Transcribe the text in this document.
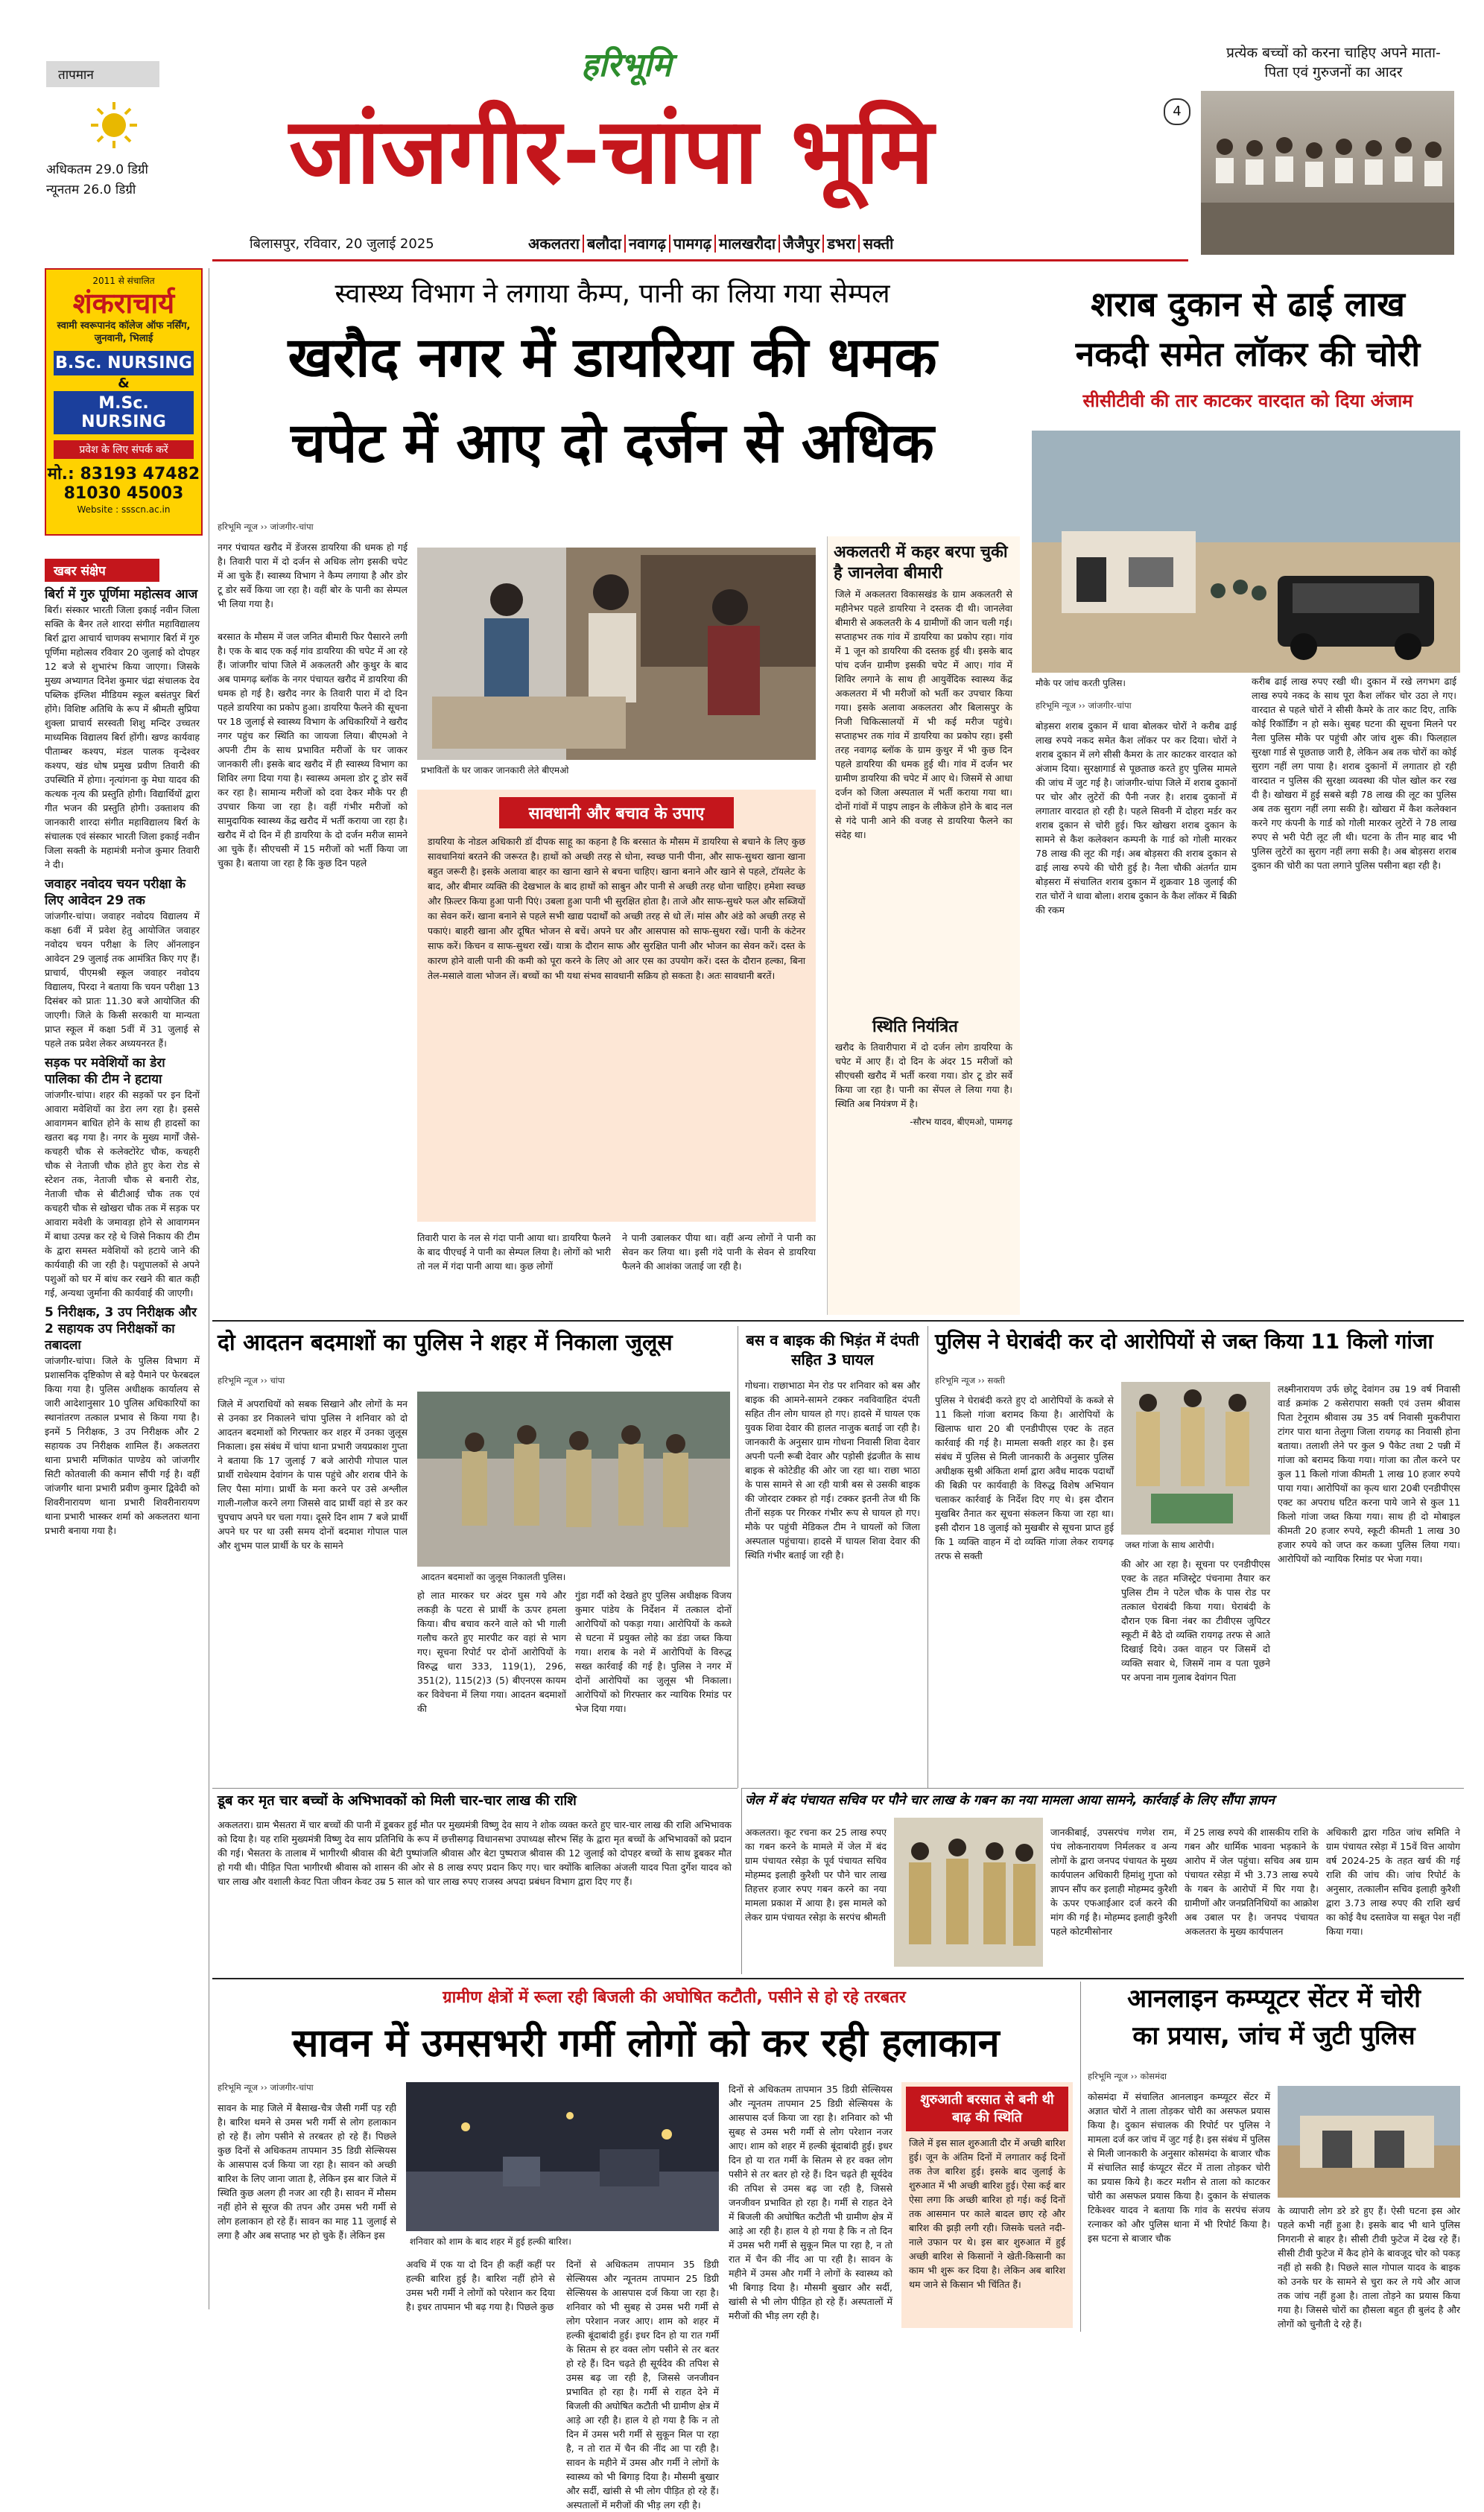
तापमान
अधिकतम 29.0 डिग्री
न्यूनतम 26.0 डिग्री
हरिभूमि
जांजगीर-चांपा भूमि
बिलासपुर, रविवार, 20 जुलाई 2025	अकलतरा बलौदा नवागढ़ पामगढ़ मालखरौदा जैजैपुर डभरा सक्ती
4
प्रत्येक बच्चों को करना चाहिए अपने माता- पिता एवं गुरुजनों का आदर
2011 से संचालित
शंकराचार्य
स्वामी स्वरूपानंद कॉलेज ऑफ नर्सिंग, जुनवानी, भिलाई
B.Sc. NURSING
&
M.Sc. NURSING
प्रवेश के लिए संपर्क करें
मो.: 83193 47482
81030 45003
Website : ssscn.ac.in
खबर संक्षेप
बिर्रा में गुरु पूर्णिमा महोत्सव आज
बिर्रा। संस्कार भारती जिला इकाई नवीन जिला सक्ति के बैनर तले शारदा संगीत महाविद्यालय बिर्रा द्वारा आचार्य चाणक्य सभागार बिर्रा में गुरु पूर्णिमा महोत्सव रविवार 20 जुलाई को दोपहर 12 बजे से शुभारंभ किया जाएगा। जिसके मुख्य अभ्यागत दिनेश कुमार चंद्रा संचालक देव पब्लिक इंग्लिश मीडियम स्कूल बसंतपुर बिर्रा होंगे। विशिष्ट अतिथि के रूप में श्रीमती सुप्रिया शुक्ला प्राचार्य सरस्वती शिशु मन्दिर उच्चतर माध्यमिक विद्यालय बिर्रा होंगी। खण्ड कार्यवाह पीताम्बर कश्यप, मंडल पालक वृन्देश्वर कश्यप, खंड धोष प्रमुख प्रवीण तिवारी की उपस्थिति में होगा। नृत्यांगना कु मेघा यादव की कत्थक नृत्य की प्रस्तुति होगी। विद्यार्थियों द्वारा गीत भजन की प्रस्तुति होगी। उक्ताशय की जानकारी शारदा संगीत महाविद्यालय बिर्रा के संचालक एवं संस्कार भारती जिला इकाई नवीन जिला सक्ती के महामंत्री मनोज कुमार तिवारी ने दी।
जवाहर नवोदय चयन परीक्षा के लिए आवेदन 29 तक
जांजगीर-चांपा। जवाहर नवोदय विद्यालय में कक्षा 6वीं में प्रवेश हेतु आयोजित जवाहर नवोदय चयन परीक्षा के लिए ऑनलाइन आवेदन 29 जुलाई तक आमंत्रित किए गए हैं। प्राचार्य, पीएमश्री स्कूल जवाहर नवोदय विद्यालय, पिरदा ने बताया कि चयन परीक्षा 13 दिसंबर को प्रातः 11.30 बजे आयोजित की जाएगी। जिले के किसी सरकारी या मान्यता प्राप्त स्कूल में कक्षा 5वीं में 31 जुलाई से पहले तक प्रवेश लेकर अध्ययनरत हैं।
सड़क पर मवेशियों का डेरा पालिका की टीम ने हटाया
जांजगीर-चांपा। शहर की सड़कों पर इन दिनों आवारा मवेशियों का डेरा लग रहा है। इससे आवागमन बाधित होने के साथ ही हादसों का खतरा बढ़ गया है। नगर के मुख्य मार्गों जैसे-कचहरी चौक से कलेक्टोरेट चौक, कचहरी चौक से नेताजी चौक होते हुए केरा रोड से स्टेशन तक, नेताजी चौक से बनारी रोड, नेताजी चौक से बीटीआई चौक तक एवं कचहरी चौक से खोखरा चौक तक में सड़क पर आवारा मवेशी के जमावड़ा होने से आवागमन में बाधा उत्पन्न कर रहे थे जिसे निकाय की टीम के द्वारा समस्त मवेशियों को हटाये जाने की कार्यवाही की जा रही है। पशुपालकों से अपने पशुओं को घर में बांध कर रखने की बात कही गई, अन्यथा जुर्माना की कार्यवाई की जाएगी।
5 निरीक्षक, 3 उप निरीक्षक और 2 सहायक उप निरीक्षकों का तबादला
जांजगीर-चांपा। जिले के पुलिस विभाग में प्रशासनिक दृष्टिकोण से बड़े पैमाने पर फेरबदल किया गया है। पुलिस अधीक्षक कार्यालय से जारी आदेशानुसार 10 पुलिस अधिकारियों का स्थानांतरण तत्काल प्रभाव से किया गया है। इनमें 5 निरीक्षक, 3 उप निरीक्षक और 2 सहायक उप निरीक्षक शामिल हैं। अकलतरा थाना प्रभारी मणिकांत पाण्डेय को जांजगीर सिटी कोतवाली की कमान सौंपी गई है। वहीं जांजगीर थाना प्रभारी प्रवीण कुमार द्विवेदी को शिवरीनारायण थाना प्रभारी शिवरीनारायण थाना प्रभारी भास्कर शर्मा को अकलतरा थाना प्रभारी बनाया गया है।
स्वास्थ्य विभाग ने लगाया कैम्प, पानी का लिया गया सेम्पल
खरौद नगर में डायरिया की धमक
चपेट में आए दो दर्जन से अधिक
हरिभूमि न्यूज ›› जांजगीर-चांपा
प्रभावितों के घर जाकर जानकारी लेते बीएमओ
नगर पंचायत खरौद में डेंजरस डायरिया की धमक हो गई है। तिवारी पारा में दो दर्जन से अधिक लोग इसकी चपेट में आ चुके हैं। स्वास्थ्य विभाग ने कैम्प लगाया है और डोर टू डोर सर्वे किया जा रहा है। वहीं बोर के पानी का सेम्पल भी लिया गया है।
बरसात के मौसम में जल जनित बीमारी फिर पैसारने लगी है। एक के बाद एक कई गांव डायरिया की चपेट में आ रहे हैं। जांजगीर चांपा जिले में अकलतरी और कुथुर के बाद अब पामगढ़ ब्लॉक के नगर पंचायत खरौद में डायरिया की धमक हो गई है। खरौद नगर के तिवारी पारा में दो दिन पहले डायरिया का प्रकोप हुआ। डायरिया फैलने की सूचना पर 18 जुलाई से स्वास्थ्य विभाग के अधिकारियों ने खरौद नगर पहुंच कर स्थिति का जायजा लिया। बीएमओ ने अपनी टीम के साथ प्रभावित मरीजों के घर जाकर जानकारी ली। इसके बाद खरौद में ही स्वास्थ्य विभाग का शिविर लगा दिया गया है। स्वास्थ्य अमला डोर टू डोर सर्वे कर रहा है। सामान्य मरीजों को दवा देकर मौके पर ही उपचार किया जा रहा है। वहीं गंभीर मरीजों को सामुदायिक स्वास्थ्य केंद्र खरौद में भर्ती कराया जा रहा है। खरौद में दो दिन में ही डायरिया के दो दर्जन मरीज सामने आ चुके हैं। सीएचसी में 15 मरीजों को भर्ती किया जा चुका है। बताया जा रहा है कि कुछ दिन पहले
सावधानी और बचाव के उपाए
डायरिया के नोडल अधिकारी डॉ दीपक साहू का कहना है कि बरसात के मौसम में डायरिया से बचाने के लिए कुछ सावधानियां बरतने की जरूरत है। हाथों को अच्छी तरह से धोना, स्वच्छ पानी पीना, और साफ-सुथरा खाना खाना बहुत जरूरी है। इसके अलावा बाहर का खाना खाने से बचना चाहिए। खाना बनाने और खाने से पहले, टॉयलेट के बाद, और बीमार व्यक्ति की देखभाल के बाद हाथों को साबुन और पानी से अच्छी तरह धोना चाहिए। हमेशा स्वच्छ और फ़िल्टर किया हुआ पानी पिएं। उबला हुआ पानी भी सुरक्षित होता है। ताजे और साफ-सुथरे फल और सब्जियों का सेवन करें। खाना बनाने से पहले सभी खाद्य पदार्थों को अच्छी तरह से धो लें। मांस और अंडे को अच्छी तरह से पकाएं। बाहरी खाना और दूषित भोजन से बचें। अपने घर और आसपास को साफ-सुथरा रखें। पानी के कंटेनर साफ करें। किचन व साफ-सुथरा रखें। यात्रा के दौरान साफ और सुरक्षित पानी और भोजन का सेवन करें। दस्त के कारण होने वाली पानी की कमी को पूरा करने के लिए ओ आर एस का उपयोग करें। दस्त के दौरान हल्का, बिना तेल-मसाले वाला भोजन लें। बच्चों का भी यथा संभव सावधानी सक्रिय हो सकता है। अतः सावधानी बरतें।
तिवारी पारा के नल से गंदा पानी आया था। डायरिया फैलने के बाद पीएचई ने पानी का सेम्पल लिया है। लोगों को भारी तो नल में गंदा पानी आया था। कुछ लोगों
ने पानी उबालकर पीया था। वहीं अन्य लोगों ने पानी का सेवन कर लिया था। इसी गंदे पानी के सेवन से डायरिया फैलने की आशंका जताई जा रही है।
अकलतरी में कहर बरपा चुकी है जानलेवा बीमारी
जिले में अकलतरा विकासखंड के ग्राम अकलतरी से महीनेभर पहले डायरिया ने दस्तक दी थी। जानलेवा बीमारी से अकलतरी के 4 ग्रामीणों की जान चली गई। सप्ताहभर तक गांव में डायरिया का प्रकोप रहा। गांव में 1 जून को डायरिया की दस्तक हुई थी। इसके बाद पांच दर्जन ग्रामीण इसकी चपेट में आए। गांव में शिविर लगाने के साथ ही आयुर्वेदिक स्वास्थ्य केंद्र अकलतरा में भी मरीजों को भर्ती कर उपचार किया गया। इसके अलावा अकलतरा और बिलासपुर के निजी चिकित्सालयों में भी कई मरीज पहुंचे। सप्ताहभर तक गांव में डायरिया का प्रकोप रहा। इसी तरह नवागढ़ ब्लॉक के ग्राम कुथुर में भी कुछ दिन पहले डायरिया की धमक हुई थी। गांव में दर्जन भर ग्रामीण डायरिया की चपेट में आए थे। जिसमें से आधा दर्जन को जिला अस्पताल में भर्ती कराया गया था। दोनों गांवों में पाइप लाइन के लीकेज होने के बाद नल से गंदे पानी आने की वजह से डायरिया फैलने का संदेह था।
स्थिति नियंत्रित
खरौद के तिवारीपारा में दो दर्जन लोग डायरिया के चपेट में आए हैं। दो दिन के अंदर 15 मरीजों को सीएचसी खरौद में भर्ती करवा गया। डोर टू डोर सर्वे किया जा रहा है। पानी का सेंपल ले लिया गया है। स्थिति अब नियंत्रण में है।
-सौरभ यादव, बीएमओ, पामगढ़
शराब दुकान से ढाई लाख
नकदी समेत लॉकर की चोरी
सीसीटीवी की तार काटकर वारदात को दिया अंजाम
मौके पर जांच करती पुलिस।
हरिभूमि न्यूज ›› जांजगीर-चांपा
बोड़सरा शराब दुकान में धावा बोलकर चोरों ने करीब ढाई लाख रुपये नकद समेत कैश लॉकर पर कर दिया। चोरों ने शराब दुकान में लगे सीसी कैमरा के तार काटकर वारदात को अंजाम दिया। सुरक्षागार्ड से पूछताछ करते हुए पुलिस मामले की जांच में जुट गई है। जांजगीर-चांपा जिले में शराब दुकानों पर चोर और लुटेरों की पैनी नजर है। शराब दुकानों में लगातार वारदात हो रही है। पहले सिवनी में दोहरा मर्डर कर शराब दुकान से चोरी हुई। फिर खोखरा शराब दुकान के सामने से कैश कलेक्शन कम्पनी के गार्ड को गोली मारकर 78 लाख की लूट की गई। अब बोड़सरा की शराब दुकान से ढाई लाख रुपये की चोरी हुई है। नैला चौकी अंतर्गत ग्राम बोड़सरा में संचालित शराब दुकान में शुक्रवार 18 जुलाई की रात चोरों ने धावा बोला। शराब दुकान के कैश लॉकर में बिक्री की रकम
करीब ढाई लाख रुपए रखी थी। दुकान में रखे लगभग ढाई लाख रुपये नकद के साथ पूरा कैश लॉकर चोर उठा ले गए। वारदात से पहले चोरों ने सीसी कैमरे के तार काट दिए, ताकि कोई रिकॉर्डिंग न हो सके। सुबह घटना की सूचना मिलने पर नैला पुलिस मौके पर पहुंची और जांच शुरू की। फिलहाल सुरक्षा गार्ड से पूछताछ जारी है, लेकिन अब तक चोरों का कोई सुराग नहीं लग पाया है। शराब दुकानों में लगातार हो रही वारदात न पुलिस की सुरक्षा व्यवस्था की पोल खोल कर रख दी है। खोखरा में हुई सबसे बड़ी 78 लाख की लूट का पुलिस अब तक सुराग नहीं लगा सकी है। खोखरा में कैश कलेक्शन करने गए कंपनी के गार्ड को गोली मारकर लुटेरों ने 78 लाख रुपए से भरी पेटी लूट ली थी। घटना के तीन माह बाद भी पुलिस लुटेरों का सुराग नहीं लगा सकी है। अब बोड़सरा शराब दुकान की चोरी का पता लगाने पुलिस पसीना बहा रही है।
दो आदतन बदमाशों का पुलिस ने शहर में निकाला जुलूस
हरिभूमि न्यूज ›› चांपा
जिले में अपराधियों को सबक सिखाने और लोगों के मन से उनका डर निकालने चांपा पुलिस ने शनिवार को दो आदतन बदमाशों को गिरफ्तार कर शहर में उनका जुलूस निकाला। इस संबंध में चांपा थाना प्रभारी जयप्रकाश गुप्ता ने बताया कि 17 जुलाई 7 बजे आरोपी गोपाल पाल प्रार्थी राधेश्याम देवांगन के पास पहुंचे और शराब पीने के लिए पैसा मांगा। प्रार्थी के मना करने पर उसे अश्लील गाली-गलौज करने लगा जिससे वाद प्रार्थी वहां से डर कर चुपचाप अपने घर चला गया। दूसरे दिन शाम 7 बजे प्रार्थी अपने घर पर था उसी समय दोनों बदमाश गोपाल पाल और शुभम पाल प्रार्थी के घर के सामने
आदतन बदमाशों का जुलूस निकालती पुलिस।
हो लात मारकर घर अंदर घुस गये और लकड़ी के पटरा से प्रार्थी के ऊपर हमला किया। बीच बचाव करने वाले को भी गाली गलौच करते हुए मारपीट कर वहां से भाग गए। सूचना रिपोर्ट पर दोनों आरोपियों के विरुद्ध धारा 333, 119(1), 296, 351(2), 115(2)3 (5) बीएनएस कायम कर विवेचना में लिया गया। आदतन बदमाशों की
गुंडा गर्दी को देखते हुए पुलिस अधीक्षक विजय कुमार पांडेय के निर्देशन में तत्काल दोनों आरोपियों को पकड़ा गया। आरोपियों के कब्जे से घटना में प्रयुक्त लोहे का डंडा जब्त किया गया। शराब के नशे में आरोपियों के विरुद्ध सख्त कार्रवाई की गई है। पुलिस ने नगर में दोनों आरोपियों का जुलूस भी निकाला। आरोपियों को गिरफ्तार कर न्यायिक रिमांड पर भेज दिया गया।
बस व बाइक की भिड़ंत में दंपती सहित 3 घायल
गोधना। राछाभाठा मेन रोड पर शनिवार को बस और बाइक की आमने-सामने टक्कर नवविवाहित दंपती सहित तीन लोग घायल हो गए। हादसे में घायल एक युवक शिवा देवार की हालत नाजुक बताई जा रही है। जानकारी के अनुसार ग्राम गोधना निवासी शिवा देवार अपनी पत्नी रूबी देवार और पड़ोसी इंद्रजीत के साथ बाइक से कोटेडीह की ओर जा रहा था। राछा भाठा के पास सामने से आ रही यात्री बस से उसकी बाइक की जोरदार टक्कर हो गई। टक्कर इतनी तेज थी कि तीनों सड़क पर गिरकर गंभीर रूप से घायल हो गए। मौके पर पहुंची मेडिकल टीम ने घायलों को जिला अस्पताल पहुंचाया। हादसे में घायल शिवा देवार की स्थिति गंभीर बताई जा रही है।
पुलिस ने घेराबंदी कर दो आरोपियों से जब्त किया 11 किलो गांजा
हरिभूमि न्यूज ›› सक्ती
पुलिस ने घेराबंदी करते हुए दो आरोपियों के कब्जे से 11 किलो गांजा बरामद किया है। आरोपियों के खिलाफ धारा 20 बी एनडीपीएस एक्ट के तहत कार्रवाई की गई है। मामला सक्ती शहर का है। इस संबंध में पुलिस से मिली जानकारी के अनुसार पुलिस अधीक्षक सुश्री अंकिता शर्मा द्वारा अवैध मादक पदार्थों की बिक्री पर कार्यवाही के विरुद्ध विशेष अभियान चलाकर कार्रवाई के निर्देश दिए गए थे। इस दौरान मुखबिर तैनात कर सूचना संकलन किया जा रहा था। इसी दौरान 18 जुलाई को मुखबीर से सूचना प्राप्त हुई कि 1 व्यक्ति वाहन में दो व्यक्ति गांजा लेकर रायगढ़ तरफ से सक्ती
जब्त गांजा के साथ आरोपी।
की ओर आ रहा है। सूचना पर एनडीपीएस एक्ट के तहत मजिस्ट्रेट पंचनामा तैयार कर पुलिस टीम ने पटेल चौक के पास रोड पर तत्काल घेराबंदी किया गया। घेराबंदी के दौरान एक बिना नंबर का टीवीएस जुपिटर स्कूटी में बैठे दो व्यक्ति रायगढ़ तरफ से आते दिखाई दिये। उक्त वाहन पर जिसमें दो व्यक्ति सवार थे, जिसमें नाम व पता पूछने पर अपना नाम गुलाब देवांगन पिता
लक्ष्मीनारायण उर्फ छोटू देवांगन उम्र 19 वर्ष निवासी वार्ड क्रमांक 2 कसेरापारा सक्ती एवं उत्तम श्रीवास पिता टेनूराम श्रीवास उम्र 35 वर्ष निवासी मुकरीपारा टांगर पारा थाना तेलुगा जिला रायगढ़ का निवासी होना बताया। तलाशी लेने पर कुल 9 पैकेट तथा 2 पन्नी में गांजा को बरामद किया गया। गांजा का तौल करने पर कुल 11 किलो गांजा कीमती 1 लाख 10 हजार रुपये पाया गया। आरोपियों का कृत्य धारा 20बी एनडीपीएस एक्ट का अपराध घटित करना पाये जाने से कुल 11 किलो गांजा जब्त किया गया। साथ ही दो मोबाइल कीमती 20 हजार रुपये, स्कूटी कीमती 1 लाख 30 हजार रुपये को जप्त कर कब्जा पुलिस लिया गया। आरोपियों को न्यायिक रिमांड पर भेजा गया।
डूब कर मृत चार बच्चों के अभिभावकों को मिली चार-चार लाख की राशि
अकलतरा। ग्राम भैसतरा में चार बच्चों की पानी में डूबकर हुई मौत पर मुख्यमंत्री विष्णु देव साय ने शोक व्यक्त करते हुए चार-चार लाख की राशि अभिभावक को दिया है। यह राशि मुख्यमंत्री विष्णु देव साय प्रतिनिधि के रूप में छत्तीसगढ़ विधानसभा उपाध्यक्ष सौरभ सिंह के द्वारा मृत बच्चों के अभिभावकों को प्रदान की गई। भैसतरा के तालाब में भागीरथी श्रीवास की बेटी पुष्पांजलि श्रीवास और बेटा पुष्पराज श्रीवास की 12 जुलाई को दोपहर बच्चों के साथ डूबकर मौत हो गयी थी। पीड़ित पिता भागीरथी श्रीवास को शासन की ओर से 8 लाख रुपए प्रदान किए गए। चार क्योंकि बालिका अंजली यादव पिता दुर्गेश यादव को चार लाख और वशाली केवट पिता जीवन केवट उम्र 5 साल को चार लाख रुपए राजस्व अपदा प्रबंधन विभाग द्वारा दिए गए हैं।
जेल में बंद पंचायत सचिव पर पौने चार लाख के गबन का नया मामला आया सामने, कार्रवाई के लिए सौंपा ज्ञापन
अकलतरा। कूट रचना कर 25 लाख रुपए का गबन करने के मामले में जेल में बंद ग्राम पंचायत रसेड़ा के पूर्व पंचायत सचिव मोहम्मद इलाही कुरैशी पर पौने चार लाख तिहत्तर हजार रुपए गबन करने का नया मामला प्रकाश में आया है। इस मामले को लेकर ग्राम पंचायत रसेड़ा के सरपंच श्रीमती
जानकीबाई, उपसरपंच गणेश राम, पंच लोकनारायण निर्मलकर व अन्य लोगों के द्वारा जनपद पंचायत के मुख्य कार्यपालन अधिकारी हिमांशु गुप्ता को ज्ञापन सौंप कर इलाही मोहम्मद कुरैशी के ऊपर एफआईआर दर्ज करने की मांग की गई है। मोहम्मद इलाही कुरैशी पहले कोटमीसोनार
में 25 लाख रुपये की शासकीय राशि के गबन और धार्मिक भावना भड़काने के आरोप में जेल पहुंचा। सचिव अब ग्राम पंचायत रसेड़ा में भी 3.73 लाख रुपये के गबन के आरोपों में घिर गया है। ग्रामीणों और जनप्रतिनिधियों का आक्रोश अब उबाल पर है। जनपद पंचायत अकलतरा के मुख्य कार्यपालन
अधिकारी द्वारा गठित जांच समिति ने ग्राम पंचायत रसेड़ा में 15वें वित्त आयोग वर्ष 2024-25 के तहत खर्च की गई राशि की जांच की। जांच रिपोर्ट के अनुसार, तत्कालीन सचिव इलाही कुरैशी द्वारा 3.73 लाख रुपए की राशि खर्च का कोई वैध दस्तावेज या सबूत पेश नहीं किया गया।
ग्रामीण क्षेत्रों में रूला रही बिजली की अघोषित कटौती, पसीने से हो रहे तरबतर
सावन में उमसभरी गर्मी लोगों को कर रही हलाकान
हरिभूमि न्यूज ›› जांजगीर-चांपा
सावन के माह जिले में बैसाख-चैत्र जैसी गर्मी पड़ रही है। बारिश थमने से उमस भरी गर्मी से लोग हलाकान हो रहे हैं। लोग पसीने से तरबतर हो रहे हैं। पिछले कुछ दिनों से अधिकतम तापमान 35 डिग्री सेल्सियस के आसपास दर्ज किया जा रहा है। सावन को अच्छी बारिश के लिए जाना जाता है, लेकिन इस बार जिले में स्थिति कुछ अलग ही नजर आ रही है। सावन में मौसम नहीं होने से सूरज की तपन और उमस भरी गर्मी से लोग हलाकान हो रहे हैं। सावन का माह 11 जुलाई से लगा है और अब सप्ताह भर हो चुके हैं। लेकिन इस
शनिवार को शाम के बाद शहर में हुई हल्की बारिश।
अवधि में एक या दो दिन ही कहीं कहीं पर हल्की बारिश हुई है। बारिश नहीं होने से उमस भरी गर्मी ने लोगों को परेशान कर दिया है। इधर तापमान भी बढ़ गया है। पिछले कुछ
दिनों से अधिकतम तापमान 35 डिग्री सेल्सियस और न्यूनतम तापमान 25 डिग्री सेल्सियस के आसपास दर्ज किया जा रहा है। शनिवार को भी सुबह से उमस भरी गर्मी से लोग परेशान नजर आए। शाम को शहर में हल्की बूंदाबांदी हुई। इधर दिन हो या रात गर्मी के सितम से हर वक्त लोग पसीने से तर बतर हो रहे हैं। दिन चढ़ते ही सूर्यदेव की तपिश से उमस बढ़ जा रही है, जिससे जनजीवन प्रभावित हो रहा है। गर्मी से राहत देने में बिजली की अघोषित कटौती भी ग्रामीण क्षेत्र में आड़े आ रही है। हाल ये हो गया है कि न तो दिन में उमस भरी गर्मी से सुकून मिल पा रहा है, न तो रात में चैन की नींद आ पा रही है। सावन के महीने में उमस और गर्मी ने लोगों के स्वास्थ्य को भी बिगाड़ दिया है। मौसमी बुखार और सर्दी, खांसी से भी लोग पीड़ित हो रहे हैं। अस्पतालों में मरीजों की भीड़ लग रही है।
दिनों से अधिकतम तापमान 35 डिग्री सेल्सियस और न्यूनतम तापमान 25 डिग्री सेल्सियस के आसपास दर्ज किया जा रहा है। शनिवार को भी सुबह से उमस भरी गर्मी से लोग परेशान नजर आए। शाम को शहर में हल्की बूंदाबांदी हुई। इधर दिन हो या रात गर्मी के सितम से हर वक्त लोग पसीने से तर बतर हो रहे हैं। दिन चढ़ते ही सूर्यदेव की तपिश से उमस बढ़ जा रही है, जिससे जनजीवन प्रभावित हो रहा है। गर्मी से राहत देने में बिजली की अघोषित कटौती भी ग्रामीण क्षेत्र में आड़े आ रही है। हाल ये हो गया है कि न तो दिन में उमस भरी गर्मी से सुकून मिल पा रहा है, न तो रात में चैन की नींद आ पा रही है। सावन के महीने में उमस और गर्मी ने लोगों के स्वास्थ्य को भी बिगाड़ दिया है। मौसमी बुखार और सर्दी, खांसी से भी लोग पीड़ित हो रहे हैं। अस्पतालों में मरीजों की भीड़ लग रही है।
शुरुआती बरसात से बनी थी बाढ़ की स्थिति
जिले में इस साल शुरुआती दौर में अच्छी बारिश हुई। जून के अंतिम दिनों में लगातार कई दिनों तक तेज बारिश हुई। इसके बाद जुलाई के शुरुआत में भी अच्छी बारिश हुई। ऐसा कई बार ऐसा लगा कि अच्छी बारिश हो गई। कई दिनों तक आसमान पर काले बादल छाए रहे और बारिश की झड़ी लगी रही। जिसके चलते नदी-नाले उफान पर थे। इस बार शुरुआत में हुई अच्छी बारिश से किसानों ने खेती-किसानी का काम भी शुरू कर दिया है। लेकिन अब बारिश थम जाने से किसान भी चिंतित हैं।
आनलाइन कम्प्यूटर सेंटर में चोरी
का प्रयास, जांच में जुटी पुलिस
हरिभूमि न्यूज ›› कोसमंदा
कोसमंदा में संचालित आनलाइन कम्प्यूटर सेंटर में अज्ञात चोरों ने ताला तोड़कर चोरी का असफल प्रयास किया है। दुकान संचालक की रिपोर्ट पर पुलिस ने मामला दर्ज कर जांच में जुट गई है। इस संबंध में पुलिस से मिली जानकारी के अनुसार कोसमंदा के बाजार चौक में संचालित साईं कंप्यूटर सेंटर में ताला तोड़कर चोरी का प्रयास किये है। कटर मशीन से ताला को काटकर चोरी का असफल प्रयास किया है। दुकान के संचालक टिकेश्वर यादव ने बताया कि गांव के सरपंच संजय रत्नाकर को और पुलिस थाना में भी रिपोर्ट किया है। इस घटना से बाजार चौक
के व्यापारी लोग डरे डरे हुए हैं। ऐसी घटना इस ओर पहले कभी नहीं हुआ है। इसके बाद भी थाने पुलिस निगरानी से बाहर है। सीसी टीवी फुटेज में देख रहे हैं। सीसी टीवी फुटेज में कैद होने के बावजूद चोर को पकड़ नहीं हो सकी है। पिछले साल गोपाल यादव के बाइक को उनके घर के सामने से चुरा कर ले गये और आज तक जांच नहीं हुआ है। ताला तोड़ने का प्रयास किया गया है। जिससे चोरों का हौसला बहुत ही बुलंद है और लोगों को चुनौती दे रहे हैं।
